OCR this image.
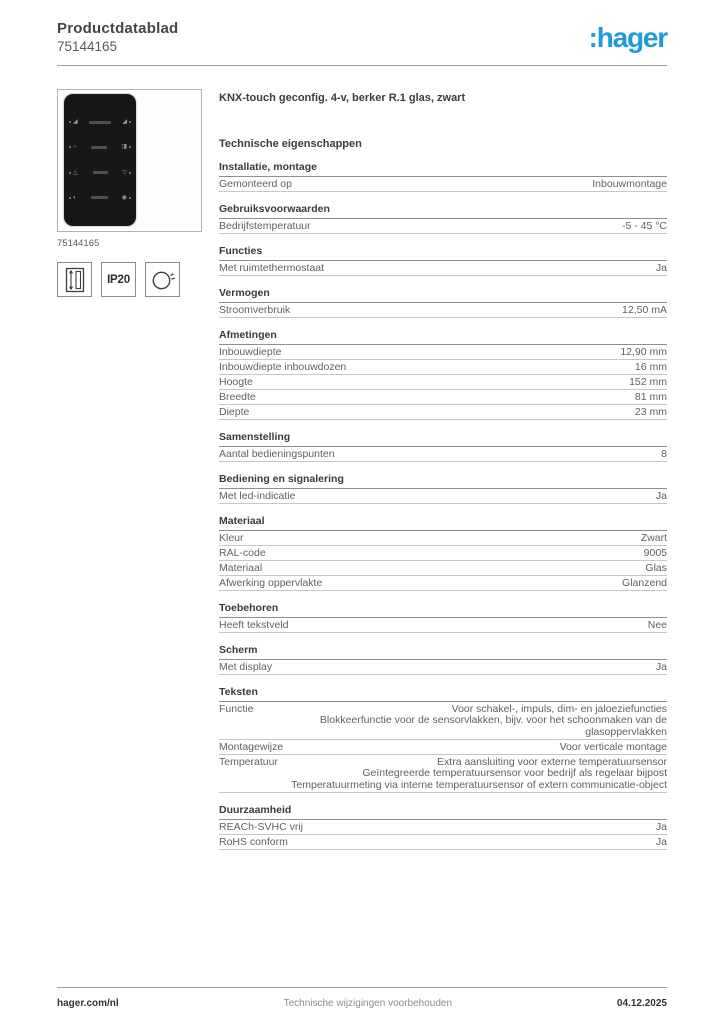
Productdatablad
75144165	:hager
◢	◢
○	◨
△	▽
◐	◉
75144165
IP20
KNX-touch geconfig. 4-v, berker R.1 glas, zwart
Technische eigenschappen
Installatie, montage
Gemonteerd op	Inbouwmontage
Gebruiksvoorwaarden
Bedrijfstemperatuur	-5 - 45 °C
Functies
Met ruimtethermostaat	Ja
Vermogen
Stroomverbruik	12,50 mA
Afmetingen
Inbouwdiepte	12,90 mm
Inbouwdiepte inbouwdozen	16 mm
Hoogte	152 mm
Breedte	81 mm
Diepte	23 mm
Samenstelling
Aantal bedieningspunten	8
Bediening en signalering
Met led-indicatie	Ja
Materiaal
Kleur	Zwart
RAL-code	9005
Materiaal	Glas
Afwerking oppervlakte	Glanzend
Toebehoren
Heeft tekstveld	Nee
Scherm
Met display	Ja
Teksten
Functie	Voor schakel-, impuls, dim- en jaloeziefuncties
Blokkeerfunctie voor de sensorvlakken, bijv. voor het schoonmaken van de glasoppervlakken
Montagewijze	Voor verticale montage
Temperatuur	Extra aansluiting voor externe temperatuursensor
Geïntegreerde temperatuursensor voor bedrijf als regelaar bijpost
Temperatuurmeting via interne temperatuursensor of extern communicatie-object
Duurzaamheid
REACh-SVHC vrij	Ja
RoHS conform	Ja
hager.com/nl	Technische wijzigingen voorbehouden	04.12.2025
